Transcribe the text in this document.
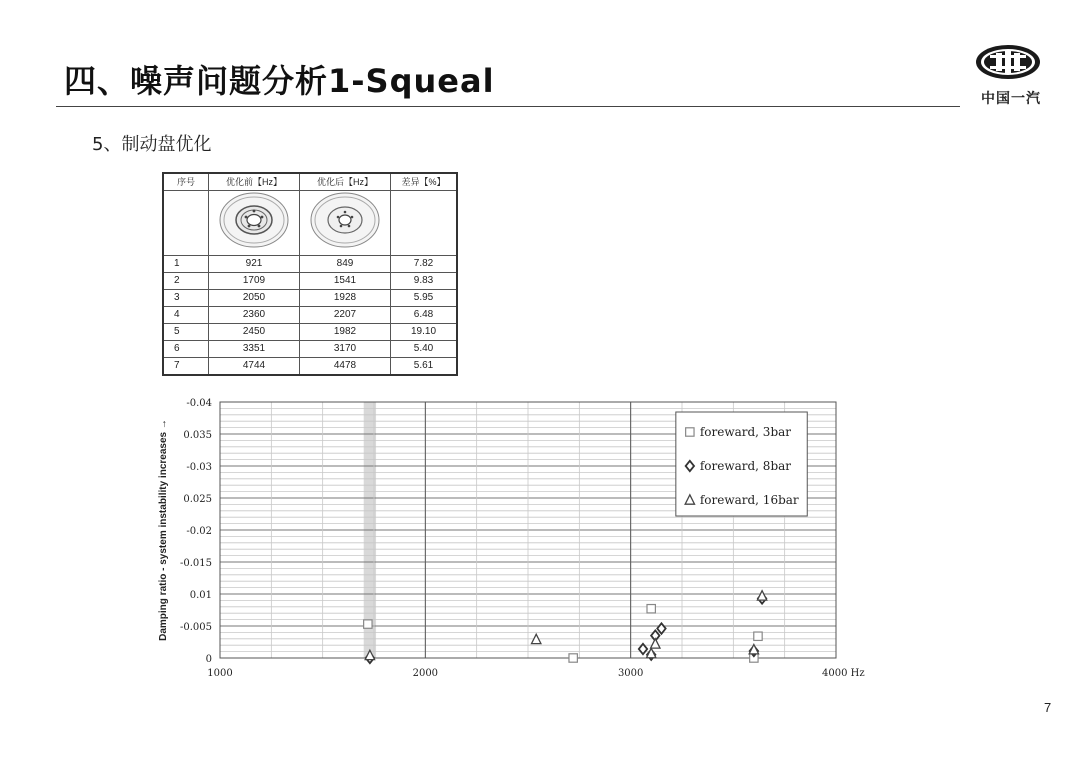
四、噪声问题分析1-Squeal	中国一汽
5、制动盘优化
序号	优化前【Hz】	优化后【Hz】	差异【%】

1	921	849	7.82
2	1709	1541	9.83
3	2050	1928	5.95
4	2360	2207	6.48
5	2450	1982	19.10
6	3351	3170	5.40
7	4744	4478	5.61
0
-0.005
0.01
-0.015
-0.02
0.025
-0.03
0.035
-0.04
1000	2000	3000	4000 Hz
Damping ratio - system instability increases →	foreward, 3bar
foreward, 8bar
foreward, 16bar
7
